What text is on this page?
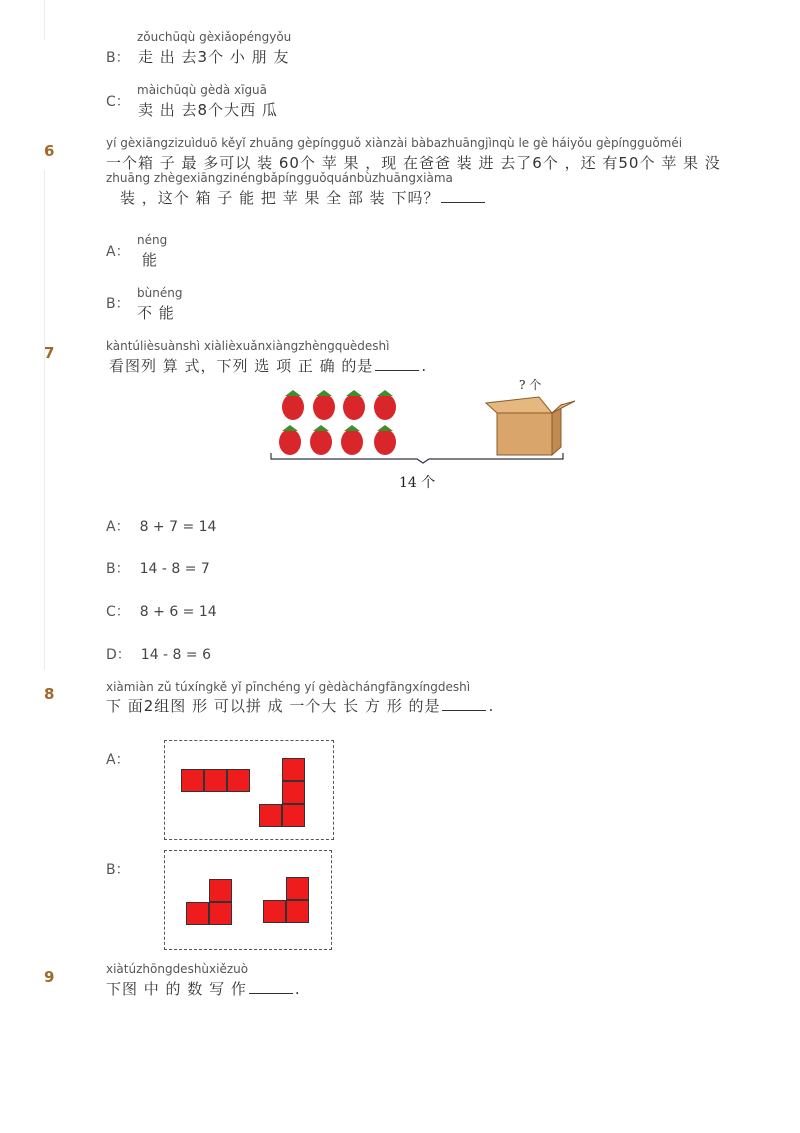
zǒuchūqù gèxiǎopéngyǒu
B： 走 出 去3个 小 朋 友
C：
màichūqù gèdà xīguā
卖 出 去8个大西 瓜
6	yí gèxiāngzizuìduō kěyǐ zhuāng gèpíngguǒ xiànzài bàbazhuāngjìnqù le gè háiyǒu gèpíngguǒméi
一个箱 子 最 多可以 装 60个 苹 果 ，现 在爸爸 装 进 去了6个 ，还 有50个 苹 果 没
zhuāng zhègexiāngzinéngbǎpíngguǒquánbùzhuāngxiàma
装 ，这个 箱 子 能 把 苹 果 全 部 装 下吗？
A：
néng
能
B：
bùnéng
不 能
7	kàntúlièsuànshì xiàlièxuǎnxiàngzhèngquèdeshì
看图列 算 式，下列 选 项 正 确 的是	.
? 个
14 个
A： 8 + 7 = 14
B： 14 - 8 = 7
C： 8 + 6 = 14
D： 14 - 8 = 6
8	xiàmiàn zǔ túxíngkě yǐ pīnchéng yí gèdàchángfāngxíngdeshì
下 面2组图 形 可以拼 成 一个大 长 方 形 的是	.
A：
B：
9	xiàtúzhōngdeshùxiězuò
下图 中 的 数 写 作	.
